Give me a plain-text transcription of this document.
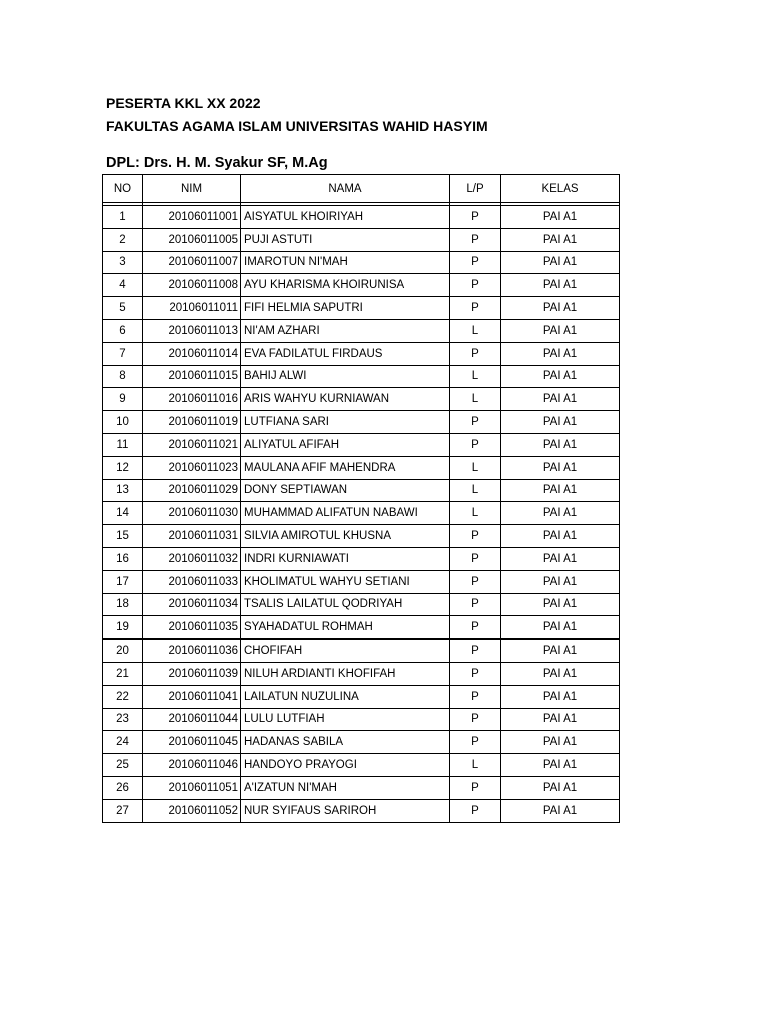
PESERTA KKL XX 2022
FAKULTAS AGAMA ISLAM UNIVERSITAS WAHID HASYIM
DPL: Drs. H. M. Syakur SF, M.Ag
NO	NIM	NAMA	L/P	KELAS

1	20106011001	AISYATUL KHOIRIYAH	P	PAI A1
2	20106011005	PUJI ASTUTI	P	PAI A1
3	20106011007	IMAROTUN NI'MAH	P	PAI A1
4	20106011008	AYU KHARISMA KHOIRUNISA	P	PAI A1
5	20106011011	FIFI HELMIA SAPUTRI	P	PAI A1
6	20106011013	NI'AM AZHARI	L	PAI A1
7	20106011014	EVA FADILATUL FIRDAUS	P	PAI A1
8	20106011015	BAHIJ ALWI	L	PAI A1
9	20106011016	ARIS WAHYU KURNIAWAN	L	PAI A1
10	20106011019	LUTFIANA SARI	P	PAI A1
11	20106011021	ALIYATUL AFIFAH	P	PAI A1
12	20106011023	MAULANA AFIF MAHENDRA	L	PAI A1
13	20106011029	DONY SEPTIAWAN	L	PAI A1
14	20106011030	MUHAMMAD ALIFATUN NABAWI	L	PAI A1
15	20106011031	SILVIA AMIROTUL KHUSNA	P	PAI A1
16	20106011032	INDRI KURNIAWATI	P	PAI A1
17	20106011033	KHOLIMATUL WAHYU SETIANI	P	PAI A1
18	20106011034	TSALIS LAILATUL QODRIYAH	P	PAI A1
19	20106011035	SYAHADATUL ROHMAH	P	PAI A1
20	20106011036	CHOFIFAH	P	PAI A1
21	20106011039	NILUH ARDIANTI KHOFIFAH	P	PAI A1
22	20106011041	LAILATUN NUZULINA	P	PAI A1
23	20106011044	LULU LUTFIAH	P	PAI A1
24	20106011045	HADANAS SABILA	P	PAI A1
25	20106011046	HANDOYO PRAYOGI	L	PAI A1
26	20106011051	A'IZATUN NI'MAH	P	PAI A1
27	20106011052	NUR SYIFAUS SARIROH	P	PAI A1
